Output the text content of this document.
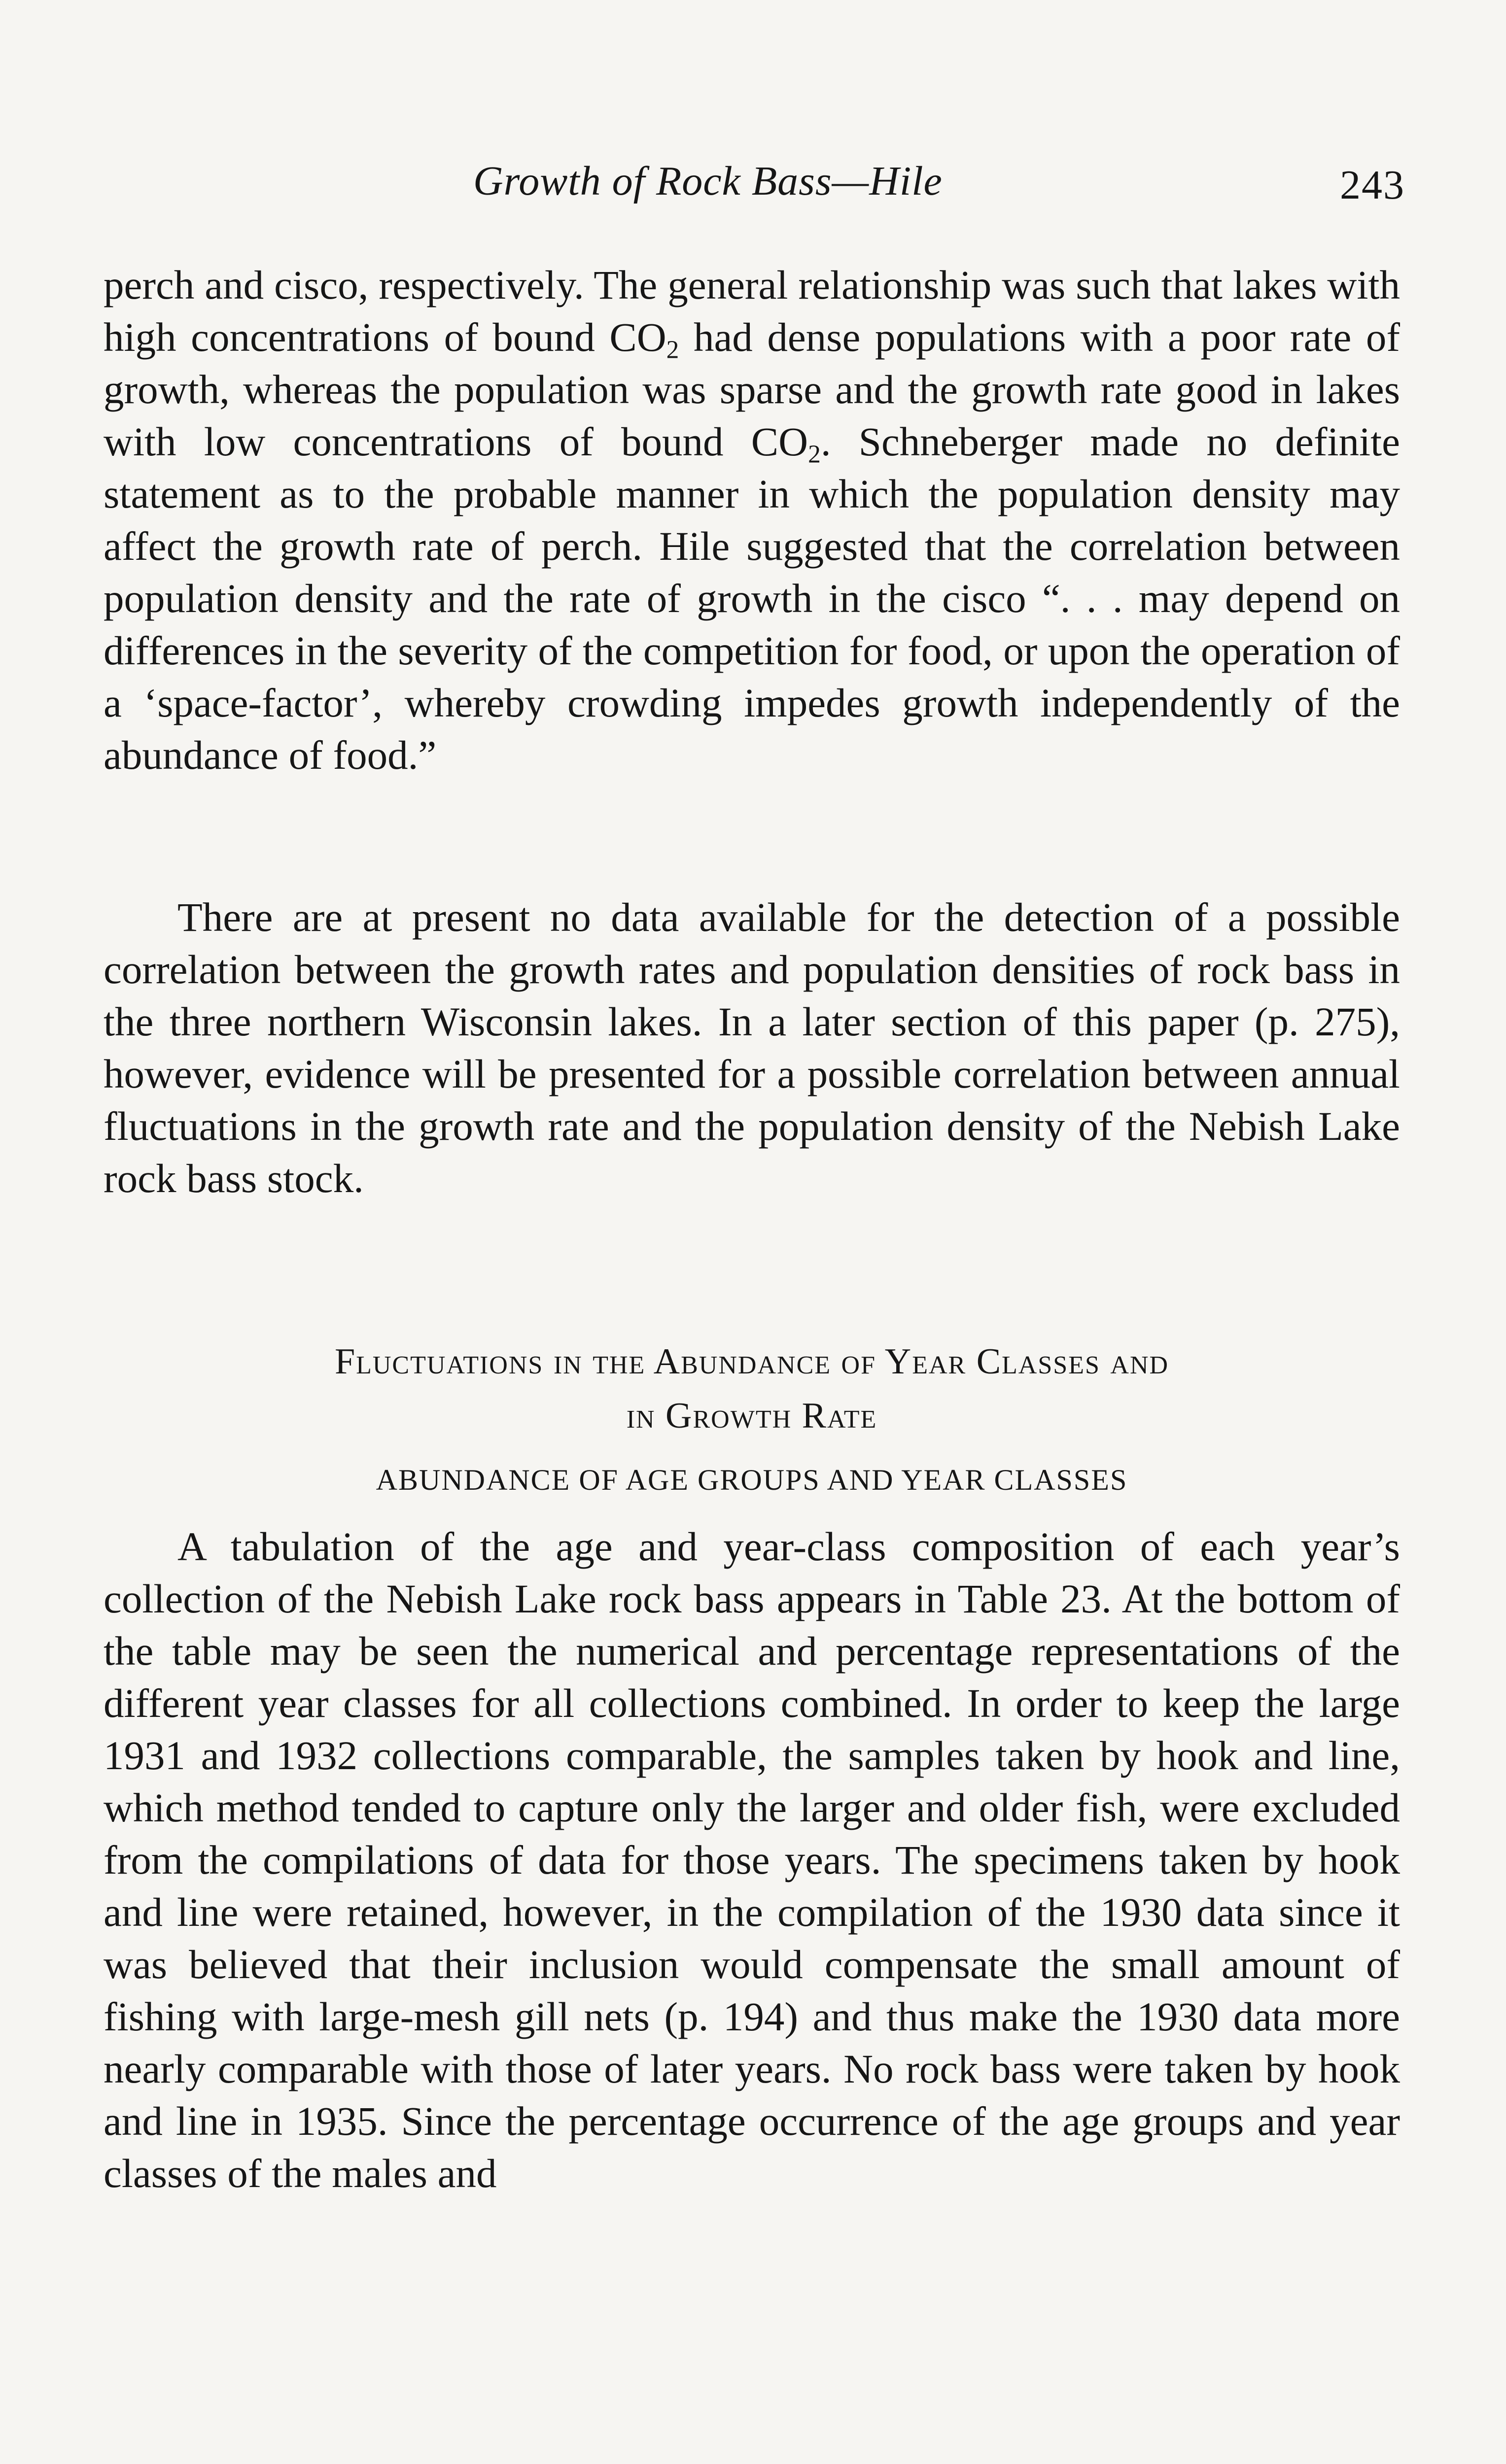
Growth of Rock Bass—Hile	243

perch and cisco, respectively. The general relationship was such that lakes with high concentrations of bound $CO_2$ had dense populations with a poor rate of growth, whereas the population was sparse and the growth rate good in lakes with low concentrations of bound $CO_2$. Schneberger made no definite statement as to the probable manner in which the population density may affect the growth rate of perch. Hile suggested that the correlation between population density and the rate of growth in the cisco “. . . may depend on differences in the severity of the competition for food, or upon the operation of a ‘space-factor’, whereby crowding impedes growth independently of the abundance of food.”

There are at present no data available for the detection of a possible correlation between the growth rates and population densities of rock bass in the three northern Wisconsin lakes. In a later section of this paper (p. 275), however, evidence will be presented for a possible correlation between annual fluctuations in the growth rate and the population density of the Nebish Lake rock bass stock.

Fluctuations in the Abundance of Year Classes and
in Growth Rate
ABUNDANCE OF AGE GROUPS AND YEAR CLASSES

A tabulation of the age and year-class composition of each year’s collection of the Nebish Lake rock bass appears in Table 23. At the bottom of the table may be seen the numerical and percentage representations of the different year classes for all collections combined. In order to keep the large 1931 and 1932 collections comparable, the samples taken by hook and line, which method tended to capture only the larger and older fish, were excluded from the compilations of data for those years. The specimens taken by hook and line were retained, however, in the compilation of the 1930 data since it was believed that their inclusion would compensate the small amount of fishing with large-mesh gill nets (p. 194) and thus make the 1930 data more nearly comparable with those of later years. No rock bass were taken by hook and line in 1935. Since the percentage occurrence of the age groups and year classes of the males and
